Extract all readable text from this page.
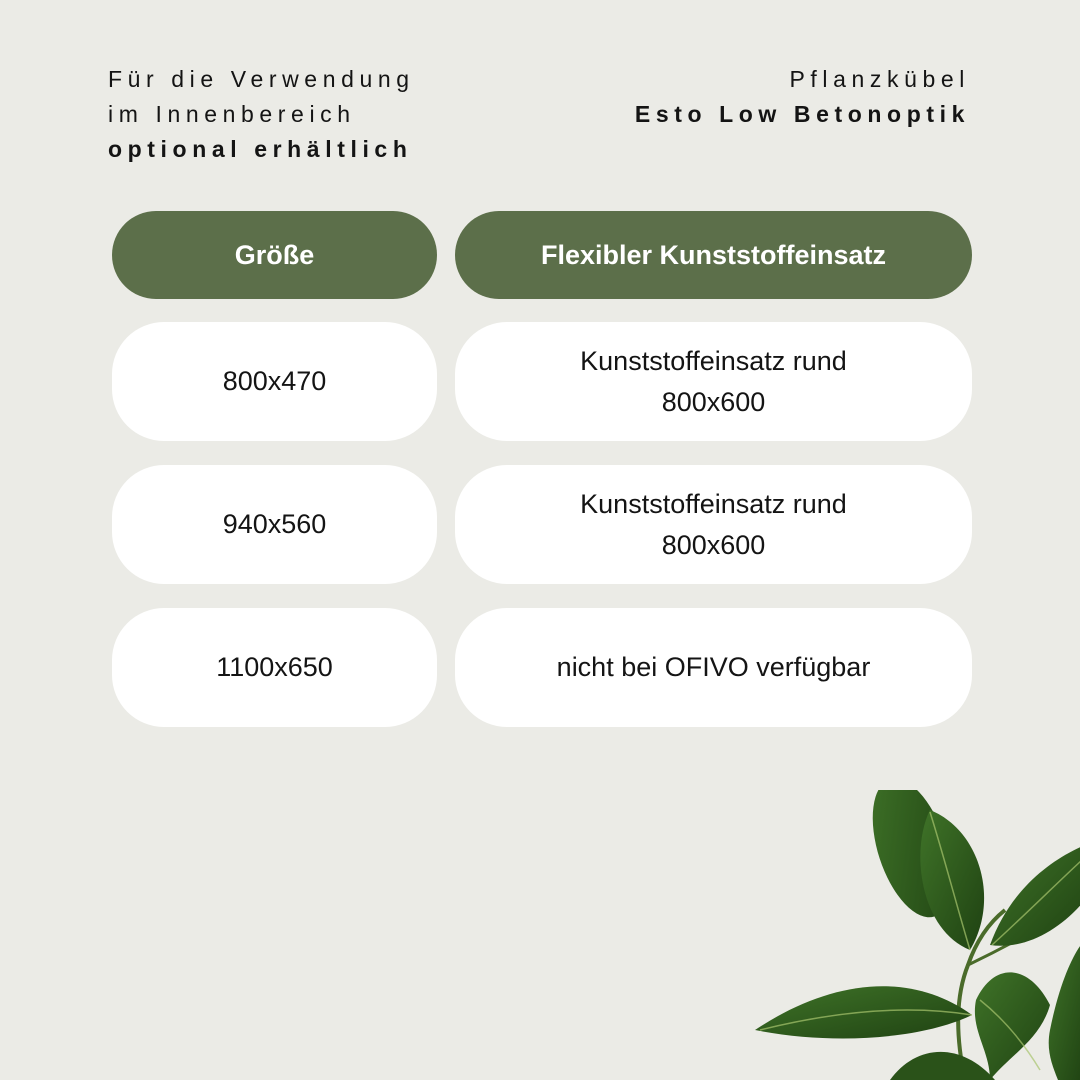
Für die Verwendung
im Innenbereich
optional erhältlich
Pflanzkübel
Esto Low Betonoptik
Größe	Flexibler Kunststoffeinsatz
800x470
Kunststoffeinsatz rund
800x600
940x560
Kunststoffeinsatz rund
800x600
1100x650	nicht bei OFIVO verfügbar
